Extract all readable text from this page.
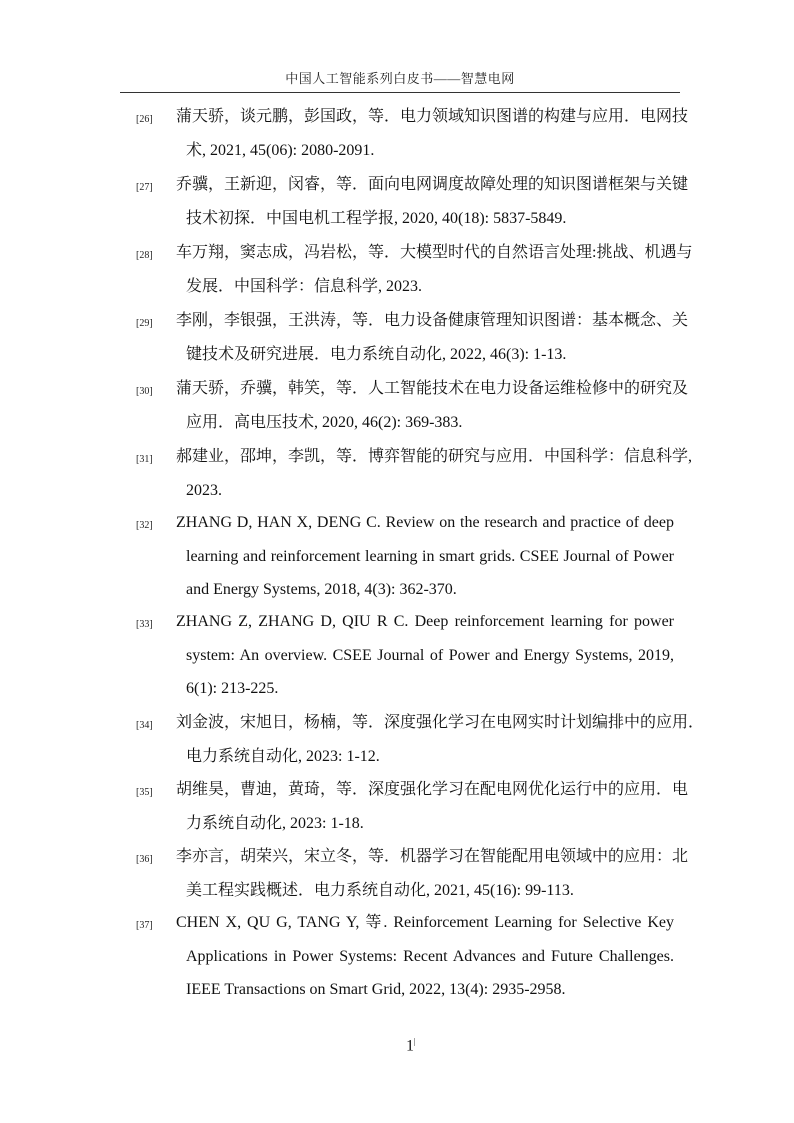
中国人工智能系列白皮书——智慧电网
[26] 蒲天骄，谈元鹏，彭国政，等．电力领域知识图谱的构建与应用．电网技
术, 2021, 45(06): 2080-2091.
[27] 乔骥，王新迎，闵睿，等．面向电网调度故障处理的知识图谱框架与关键
技术初探．中国电机工程学报, 2020, 40(18): 5837-5849.
[28] 车万翔，窦志成，冯岩松，等．大模型时代的自然语言处理:挑战、机遇与
发展．中国科学：信息科学, 2023.
[29] 李刚，李银强，王洪涛，等．电力设备健康管理知识图谱：基本概念、关
键技术及研究进展．电力系统自动化, 2022, 46(3): 1-13.
[30] 蒲天骄，乔骥，韩笑，等．人工智能技术在电力设备运维检修中的研究及
应用．高电压技术, 2020, 46(2): 369-383.
[31] 郝建业，邵坤，李凯，等．博弈智能的研究与应用．中国科学：信息科学,
2023.
[32] ZHANG D, HAN X, DENG C. Review on the research and practice of deep
learning and reinforcement learning in smart grids. CSEE Journal of Power
and Energy Systems, 2018, 4(3): 362-370.
[33] ZHANG Z, ZHANG D, QIU R C. Deep reinforcement learning for power
system: An overview. CSEE Journal of Power and Energy Systems, 2019,
6(1): 213-225.
[34] 刘金波，宋旭日，杨楠，等．深度强化学习在电网实时计划编排中的应用．
电力系统自动化, 2023: 1-12.
[35] 胡维昊，曹迪，黄琦，等．深度强化学习在配电网优化运行中的应用．电
力系统自动化, 2023: 1-18.
[36] 李亦言，胡荣兴，宋立冬，等．机器学习在智能配用电领域中的应用：北
美工程实践概述．电力系统自动化, 2021, 45(16): 99-113.
[37] CHEN X, QU G, TANG Y, 等. Reinforcement Learning for Selective Key
Applications in Power Systems: Recent Advances and Future Challenges.
IEEE Transactions on Smart Grid, 2022, 13(4): 2935-2958.
1|
